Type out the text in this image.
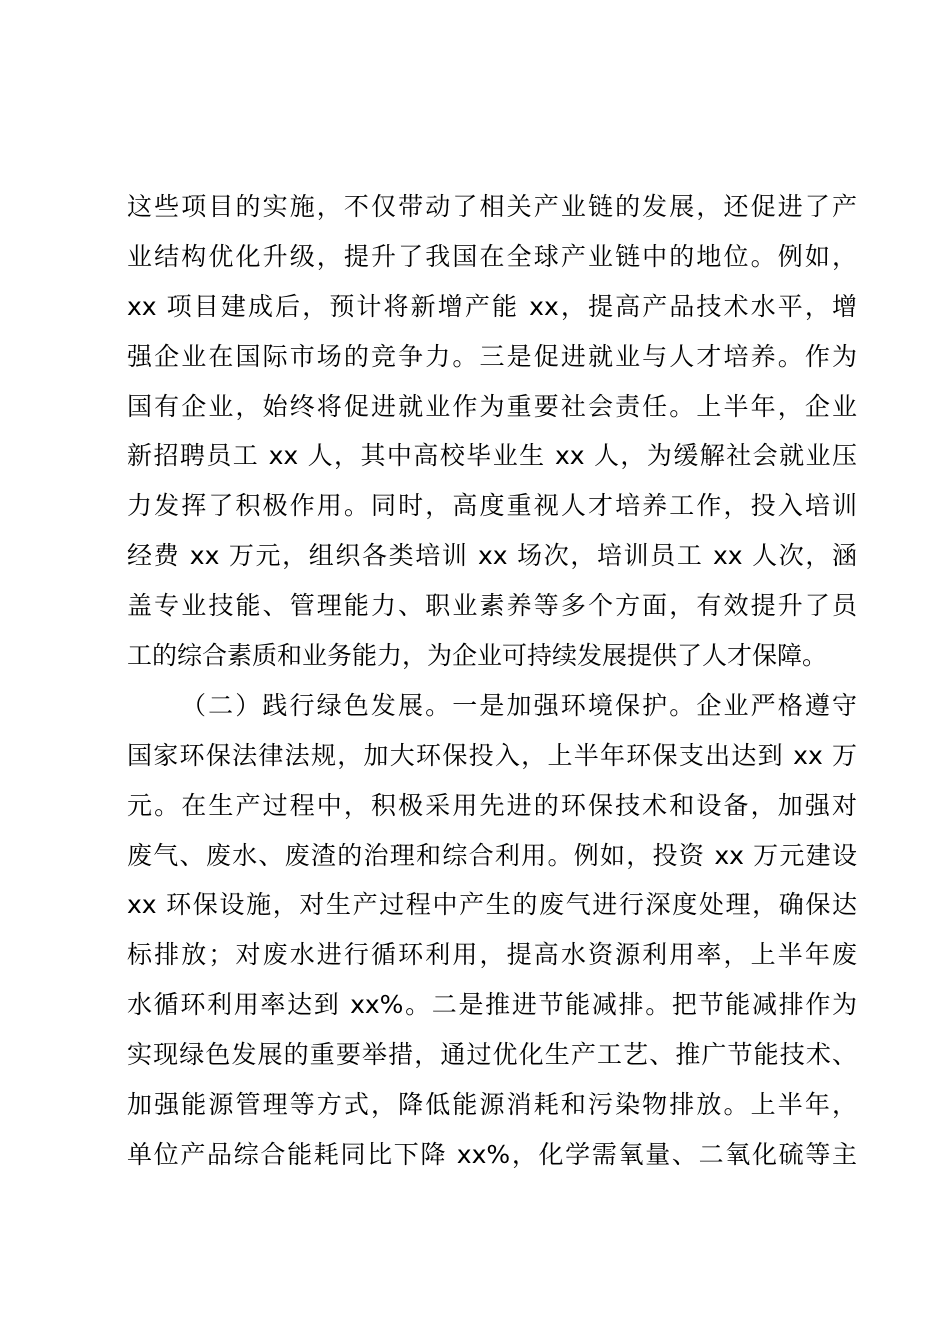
这些项目的实施，不仅带动了相关产业链的发展，还促进了产
业结构优化升级，提升了我国在全球产业链中的地位。例如，
xx 项目建成后，预计将新增产能 xx，提高产品技术水平，增
强企业在国际市场的竞争力。三是促进就业与人才培养。作为
国有企业，始终将促进就业作为重要社会责任。上半年，企业
新招聘员工 xx 人，其中高校毕业生 xx 人，为缓解社会就业压
力发挥了积极作用。同时，高度重视人才培养工作，投入培训
经费 xx 万元，组织各类培训 xx 场次，培训员工 xx 人次，涵
盖专业技能、管理能力、职业素养等多个方面，有效提升了员
工的综合素质和业务能力，为企业可持续发展提供了人才保障。
（二）践行绿色发展。一是加强环境保护。企业严格遵守
国家环保法律法规，加大环保投入，上半年环保支出达到 xx 万
元。在生产过程中，积极采用先进的环保技术和设备，加强对
废气、废水、废渣的治理和综合利用。例如，投资 xx 万元建设
xx 环保设施，对生产过程中产生的废气进行深度处理，确保达
标排放；对废水进行循环利用，提高水资源利用率，上半年废
水循环利用率达到 xx%。二是推进节能减排。把节能减排作为
实现绿色发展的重要举措，通过优化生产工艺、推广节能技术、
加强能源管理等方式，降低能源消耗和污染物排放。上半年，
单位产品综合能耗同比下降 xx%，化学需氧量、二氧化硫等主
